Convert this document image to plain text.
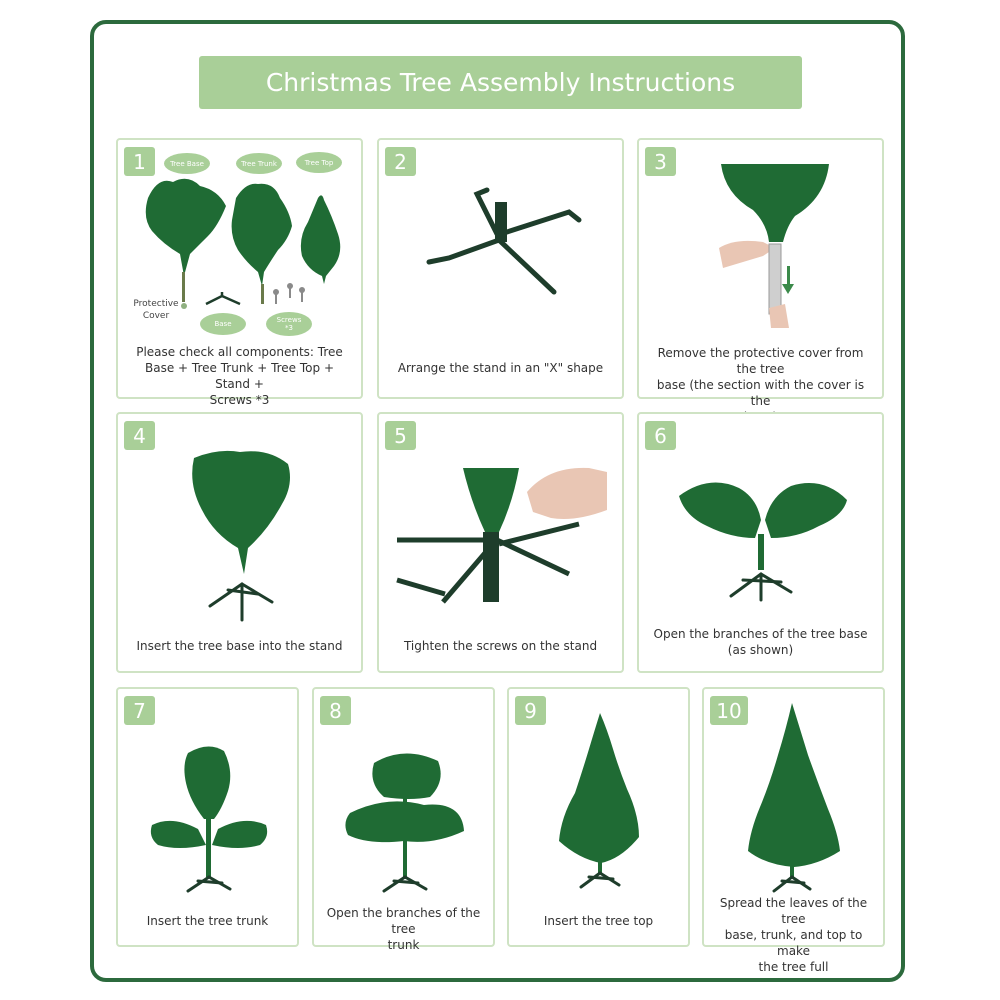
Christmas Tree Assembly Instructions
1	Tree Base	Tree Trunk	Tree Top
Protective
Cover
Base	Screws
*3
Please check all components: Tree
Base + Tree Trunk + Tree Top + Stand +
Screws *3
2
Arrange the stand in an "X" shape
3
Remove the protective cover from the tree
base (the section with the cover is the
4
Insert the tree base into the stand
5
Tighten the screws on the stand
6
Open the branches of the tree base
(as shown)
7
Insert the tree trunk
8
Open the branches of the tree
trunk
9
Insert the tree top
10
Spread the leaves of the tree
base, trunk, and top to make
the tree full
